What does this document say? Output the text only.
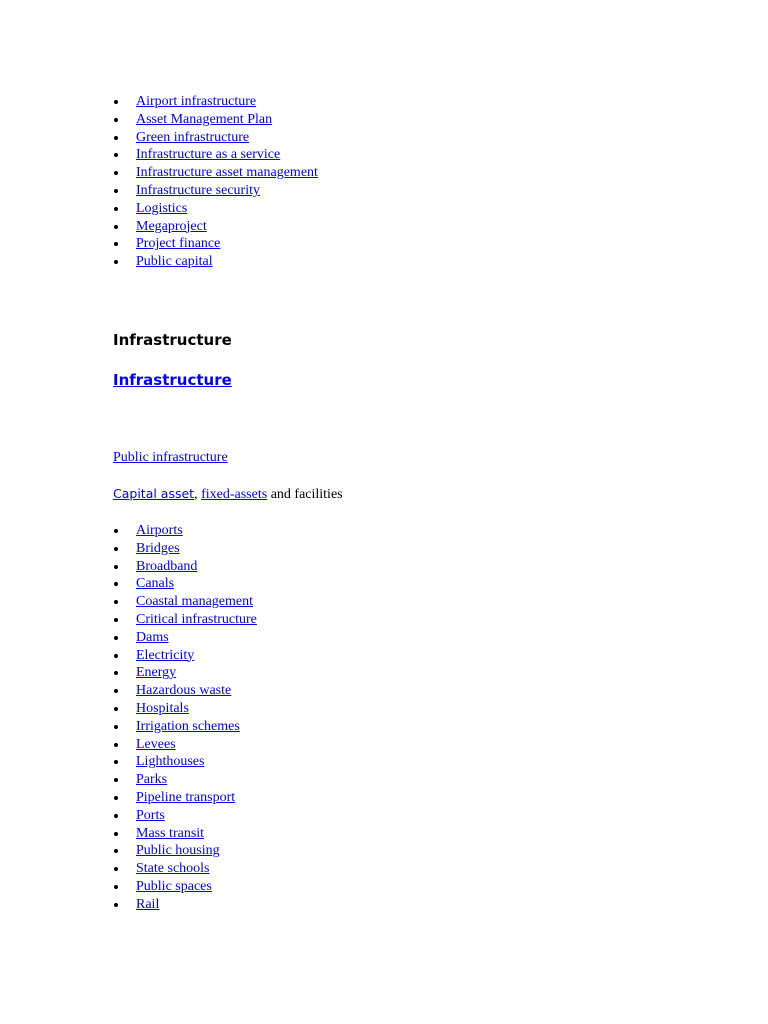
Airport infrastructure
Asset Management Plan
Green infrastructure
Infrastructure as a service
Infrastructure asset management
Infrastructure security
Logistics
Megaproject
Project finance
Public capital
Infrastructure
Infrastructure
Public infrastructure
Capital asset, fixed-assets and facilities
Airports
Bridges
Broadband
Canals
Coastal management
Critical infrastructure
Dams
Electricity
Energy
Hazardous waste
Hospitals
Irrigation schemes
Levees
Lighthouses
Parks
Pipeline transport
Ports
Mass transit
Public housing
State schools
Public spaces
Rail
